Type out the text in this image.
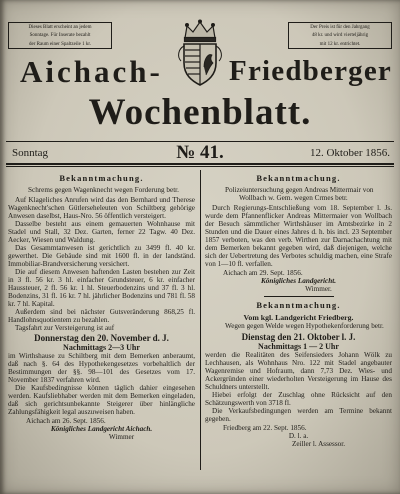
Dieses Blatt erscheint an jedem
Sonntage. Für Inserate bezahlt
der Raum einer Spaltzeile 1 kr.
Der Preis ist für den Jahrgang
48 kr. und wird vierteljährig
mit 12 kr. entrichtet.
Aichach- Friedberger
Wochenblatt.
Sonntag	№ 41.	12. Oktober 1856.

Bekanntmachung.

Schrems gegen Wagenknecht wegen Forderung betr.

Auf Klageliches Anrufen wird das den Bernhard und Therese Wagenknecht'schen Gütlerseheleuten von Schiltberg gehörige Anwesen daselbst, Haus-Nro. 56 öffentlich versteigert.

Dasselbe besteht aus einem gemauerten Wohnhause mit Stadel und Stall, 32 Dez. Garten, ferner 22 Tagw. 40 Dez. Aecker, Wiesen und Waldung.

Das Gesammtanwesen ist gerichtlich zu 3499 fl. 40 kr. gewerthet. Die Gebäude sind mit 1600 fl. in der landständ. Immobiliar-Brandversicherung versichert.

Die auf diesem Anwesen haftenden Lasten bestehen zur Zeit in 3 fl. 56 kr. 3 hl. einfacher Grundsteuer, 6 kr. einfacher Haussteuer, 2 fl. 56 kr. 1 hl. Steuerbodenzins und 37 fl. 3 hl. Bodenzins, 31 fl. 16 kr. 7 hl. jährlicher Bodenzins und 781 fl. 58 kr. 7 hl. Kapital.

Außerdem sind bei nächster Gutsveränderung 868,25 fl. Handlohnsquotientem zu bezahlen.

Tagsfahrt zur Versteigerung ist auf

Donnerstag den 20. November d. J.

Nachmittags 2—3 Uhr

im Wirthshause zu Schiltberg mit dem Bemerken anberaumt, daß nach §. 64 des Hypothekengesetzes vorbehaltlich der Bestimmungen der §§. 98—101 des Gesetzes vom 17. November 1837 verfahren wird.

Die Kaufsbedingnisse können täglich dahier eingesehen werden. Kaufsliebhaber werden mit dem Bemerken eingeladen, daß sich gerichtsunbekannte Steigerer über hinlängliche Zahlungsfähigkeit legal auszuweisen haben.

Aichach am 26. Sept. 1856.

Königliches Landgericht Aichach.

Wimmer

Bekanntmachung.

Polizeiuntersuchung gegen Andreas Mittermair von Wollbach w. Gem. wegen Crmes betr.

Durch Regierungs-Entschließung vom 18. September l. Js. wurde dem Pfannenflicker Andreas Mittermaier von Wollbach der Besuch sämmtlicher Wirthshäuser im Amtsbezirke in 2 Stunden und die Dauer eines Jahres d. h. bis incl. 23 September 1857 verboten, was den verb. Wirthen zur Darnachachtung mit dem Bemerken bekannt gegeben wird, daß diejenigen, welche sich der Uebertretung des Verbotes schuldig machen, eine Strafe von 1—10 fl. verfallen.

Aichach am 29. Sept. 1856.

Königliches Landgericht.

Wimmer.

Bekanntmachung.

Vom kgl. Landgericht Friedberg.

Wegen gegen Welde wegen Hypothekenforderung betr.

Dienstag den 21. Oktober l. J.

Nachmittags 1 — 2 Uhr

werden die Realitäten des Seifensieders Johann Wölk zu Lechhausen, als Wohnhaus Nro. 122 mit Stadel angebauter Wagenremise und Hofraum, dann 7,73 Dez. Wies- und Ackergründen einer wiederholten Versteigerung im Hause des Schuldners unterstellt.

Hiebei erfolgt der Zuschlag ohne Rücksicht auf den Schätzungswerth von 3718 fl.

Die Verkaufsbedingungen werden am Termine bekannt gegeben.

Friedberg am 22. Sept. 1856.

D. l. a.

Zeiller l. Assessor.
